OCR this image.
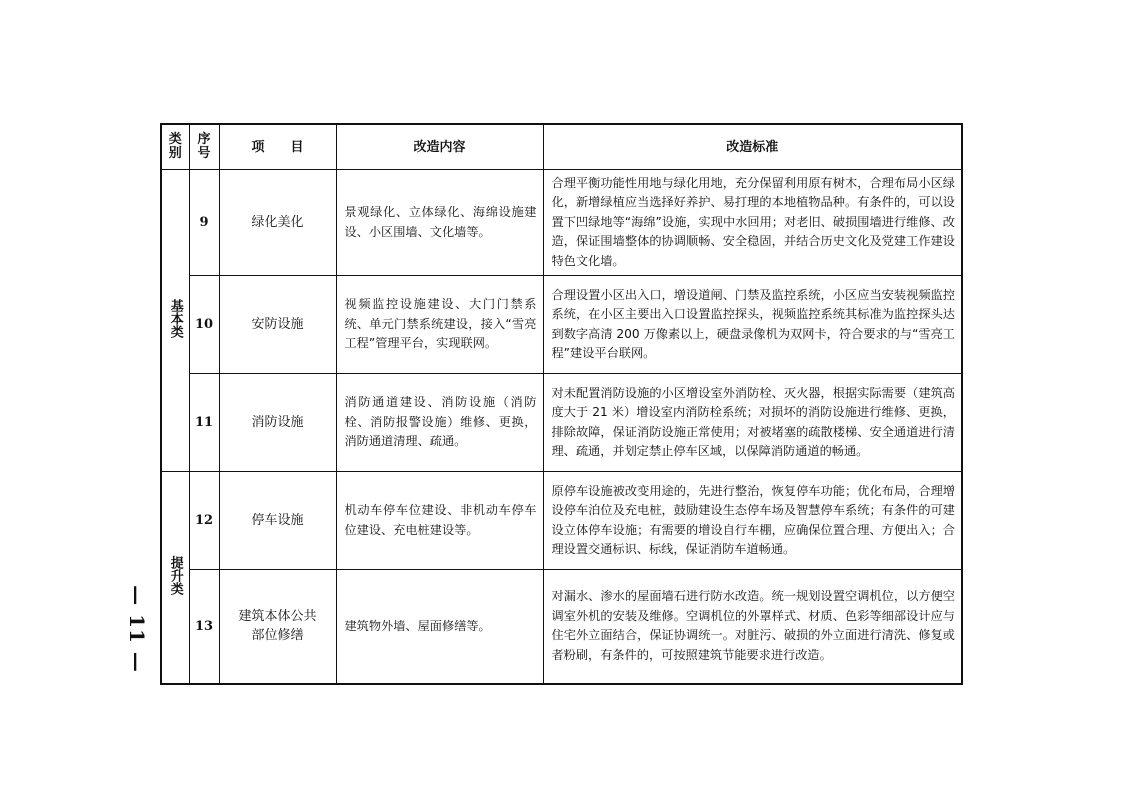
— 11 —
类别	序号	项　　目	改造内容	改造标准
基本类	9	绿化美化	景观绿化、立体绿化、海绵设施建设、小区围墙、文化墙等。	合理平衡功能性用地与绿化用地，充分保留利用原有树木，合理布局小区绿化，新增绿植应当选择好养护、易打理的本地植物品种。有条件的，可以设置下凹绿地等“海绵”设施，实现中水回用；对老旧、破损围墙进行维修、改造，保证围墙整体的协调顺畅、安全稳固，并结合历史文化及党建工作建设特色文化墙。
	10	安防设施	视频监控设施建设、大门门禁系统、单元门禁系统建设，接入“雪亮工程”管理平台，实现联网。	合理设置小区出入口，增设道闸、门禁及监控系统，小区应当安装视频监控系统，在小区主要出入口设置监控探头，视频监控系统其标准为监控探头达到数字高清 200 万像素以上，硬盘录像机为双网卡，符合要求的与“雪亮工程”建设平台联网。
	11	消防设施	消防通道建设、消防设施（消防栓、消防报警设施）维修、更换，消防通道清理、疏通。	对未配置消防设施的小区增设室外消防栓、灭火器，根据实际需要（建筑高度大于 21 米）增设室内消防栓系统；对损坏的消防设施进行维修、更换，排除故障，保证消防设施正常使用；对被堵塞的疏散楼梯、安全通道进行清理、疏通，并划定禁止停车区域，以保障消防通道的畅通。
提升类	12	停车设施	机动车停车位建设、非机动车停车位建设、充电桩建设等。	原停车设施被改变用途的，先进行整治，恢复停车功能；优化布局，合理增设停车泊位及充电桩，鼓励建设生态停车场及智慧停车系统；有条件的可建设立体停车设施；有需要的增设自行车棚，应确保位置合理、方便出入；合理设置交通标识、标线，保证消防车道畅通。
	13	建筑本体公共部位修缮	建筑物外墙、屋面修缮等。	对漏水、渗水的屋面墙石进行防水改造。统一规划设置空调机位，以方便空调室外机的安装及维修。空调机位的外罩样式、材质、色彩等细部设计应与住宅外立面结合，保证协调统一。对脏污、破损的外立面进行清洗、修复或者粉刷，有条件的，可按照建筑节能要求进行改造。
